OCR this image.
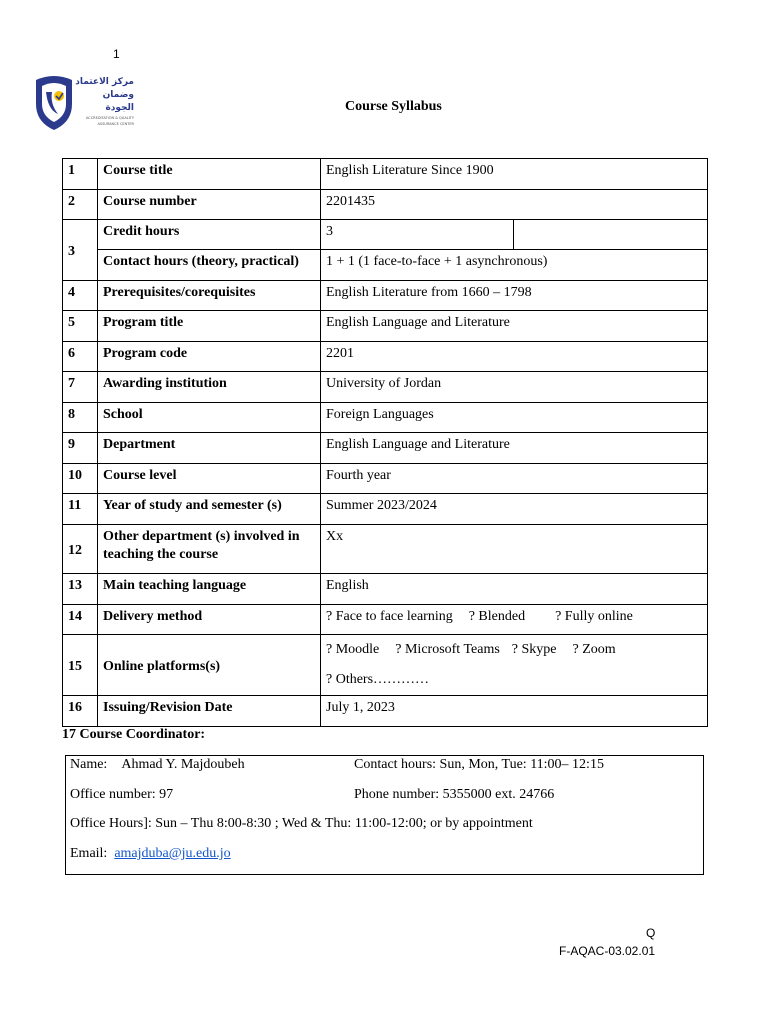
1
مركز الاعتماد
وضمان الجودة
ACCREDITATION & QUALITY ASSURANCE CENTER
Course Syllabus
1	Course title	English Literature Since 1900	
2	Course number	2201435	
3	Credit hours	3	
	Contact hours (theory, practical)	1 + 1 (1 face-to-face + 1 asynchronous)	
4	Prerequisites/corequisites	English Literature from 1660 – 1798	
5	Program title	English Language and Literature	
6	Program code	2201	
7	Awarding institution	University of Jordan	
8	School	Foreign Languages	
9	Department	English Language and Literature	
10	Course level	Fourth year	
11	Year of study and semester (s)	Summer 2023/2024	
12	Other department (s) involved in teaching the course	Xx	
13	Main teaching language	English	
14	Delivery method	? Face to face learning ? Blended ? Fully online	
15	Online platforms(s)	? Moodle ? Microsoft Teams ? Skype ? Zoom
? Others…………	
16	Issuing/Revision Date	July 1, 2023	
17 Course Coordinator:
Name: Ahmad Y. Majdoubeh	Contact hours: Sun, Mon, Tue: 11:00– 12:15
Office number: 97	Phone number: 5355000 ext. 24766
Office Hours]: Sun – Thu 8:00-8:30 ; Wed & Thu: 11:00-12:00; or by appointment
Email: amajduba@ju.edu.jo
Q
F-AQAC-03.02.01
